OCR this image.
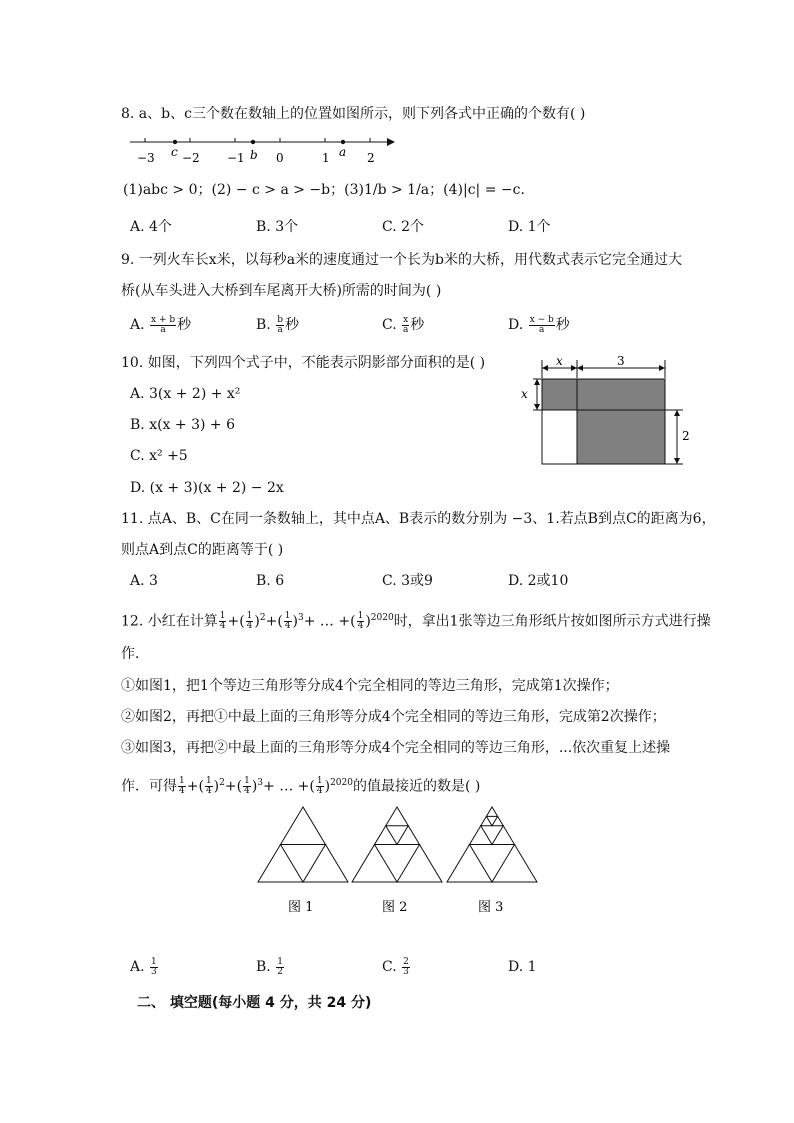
8. a、b、c三个数在数轴上的位置如图所示，则下列各式中正确的个数有( )
−3 −2 −1	0	1	2
c	b	a
(1)abc > 0；(2) − c > a > −b；(3)1/b > 1/a；(4)|c| = −c．
A. 4个	B. 3个	C. 2个	D. 1个
9. 一列火车长x米，以每秒a米的速度通过一个长为b米的大桥，用代数式表示它完全通过大
桥(从车头进入大桥到车尾离开大桥)所需的时间为( )
A. $\frac{x + b}{a}$ 秒	B. $\frac{b}{a}$ 秒	C. $\frac{x}{a}$ 秒	D. $\frac{x - b}{a}$ 秒
10. 如图，下列四个式子中，不能表示阴影部分面积的是( )
A. 3(x + 2) + x²
B. x(x + 3) + 6
C. x² +5
D. (x + 3)(x + 2) − 2x
x	3
x
2
11. 点A、B、C在同一条数轴上，其中点A、B表示的数分别为 −3、1.若点B到点C的距离为6，
则点A到点C的距离等于( )
A. 3	B. 6	C. 3或9	D. 2或10
12. 小红在计算 $\frac{1}{4}$ +( $\frac{1}{4} )^2+( \frac{1}{4} )^3+$ … +( $\frac{1}{4} )^{2020}$时，拿出1张等边三角形纸片按如图所示方式进行操
作．
①如图1，把1个等边三角形等分成4个完全相同的等边三角形，完成第1次操作；
②如图2，再把①中最上面的三角形等分成4个完全相同的等边三角形，完成第2次操作；
③如图3，再把②中最上面的三角形等分成4个完全相同的等边三角形，...依次重复上述操
作．可得 $\frac{1}{4}$ +( $\frac{1}{4} )^2+( \frac{1}{4} )^3+$ … +( $\frac{1}{4} )^{2020}$的值最接近的数是( )
图 1	图 2	图 3
A. $\frac{1}{3}$	B. $\frac{1}{2}$	C. $\frac{2}{3}$	D. 1
二、 填空题(每小题 4 分，共 24 分)
